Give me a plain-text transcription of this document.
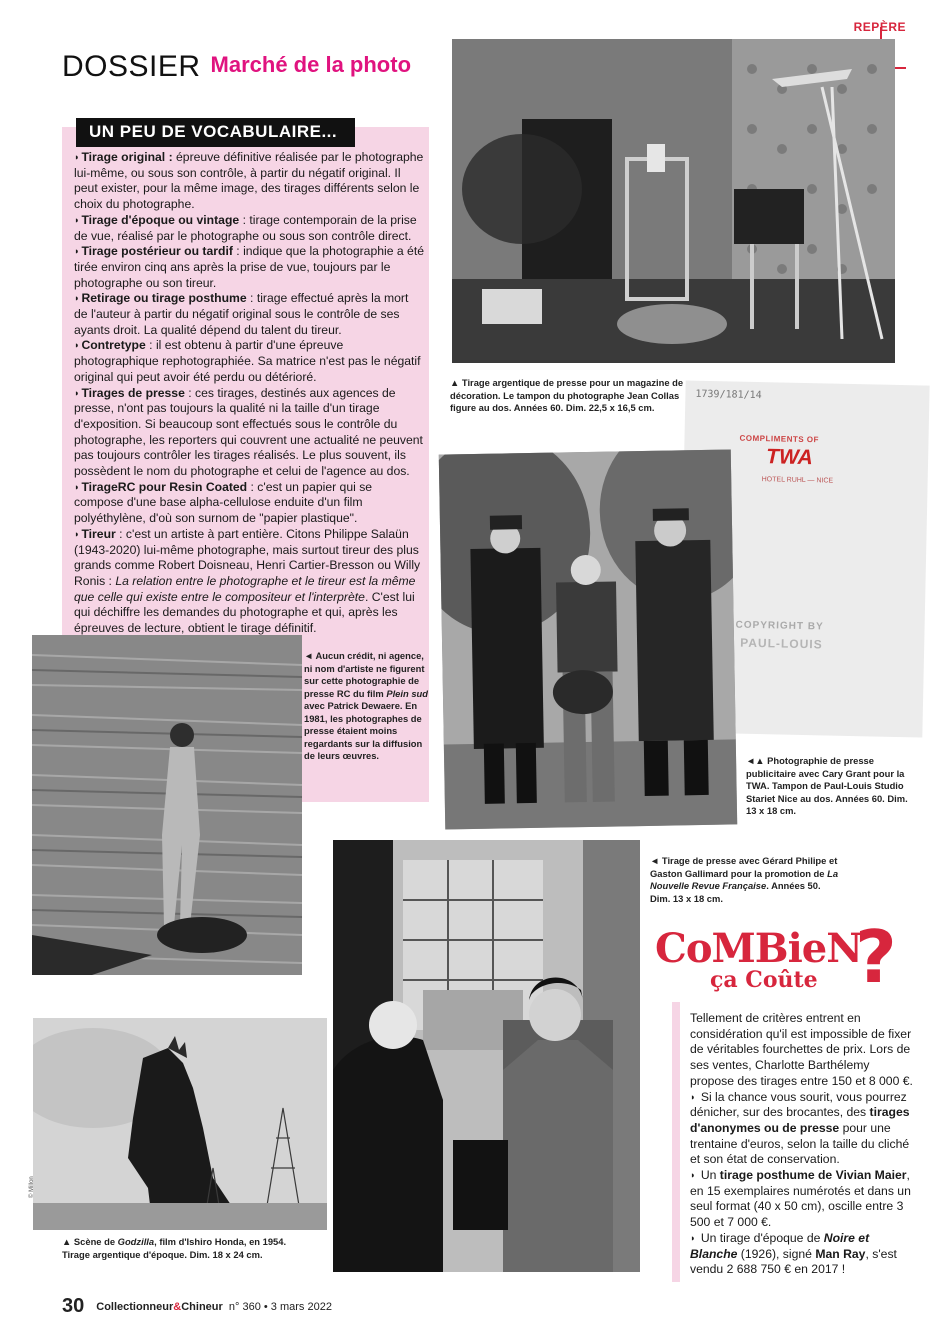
REPÈRE
DOSSIER Marché de la photo
UN PEU DE VOCABULAIRE...

◗ Tirage original : épreuve définitive réalisée par le photographe lui-même, ou sous son contrôle, à partir du négatif original. Il peut exister, pour la même image, des tirages différents selon le choix du photographe.

◗ Tirage d'époque ou vintage : tirage contemporain de la prise de vue, réalisé par le photographe ou sous son contrôle direct.

◗ Tirage postérieur ou tardif : indique que la photographie a été tirée environ cinq ans après la prise de vue, toujours par le photographe ou son tireur.

◗ Retirage ou tirage posthume : tirage effectué après la mort de l'auteur à partir du négatif original sous le contrôle de ses ayants droit. La qualité dépend du talent du tireur.

◗ Contretype : il est obtenu à partir d'une épreuve photographique rephotographiée. Sa matrice n'est pas le négatif original qui peut avoir été perdu ou détérioré.

◗ Tirages de presse : ces tirages, destinés aux agences de presse, n'ont pas toujours la qualité ni la taille d'un tirage d'exposition. Si beaucoup sont effectués sous le contrôle du photographe, les reporters qui couvrent une actualité ne peuvent pas toujours contrôler les tirages réalisés. Le plus souvent, ils possèdent le nom du photographe et celui de l'agence au dos.

◗ TirageRC pour Resin Coated : c'est un papier qui se compose d'une base alpha-cellulose enduite d'un film polyéthylène, d'où son surnom de "papier plastique".

◗ Tireur : c'est un artiste à part entière. Citons Philippe Salaün (1943-2020) lui-même photographe, mais surtout tireur des plus grands comme Robert Doisneau, Henri Cartier-Bresson ou Willy Ronis : La relation entre le photographe et le tireur est la même que celle qui existe entre le compositeur et l'interprète. C'est lui qui déchiffre les demandes du photographe et qui, après les épreuves de lecture, obtient le tirage définitif.

▲ Tirage argentique de presse pour un magazine de décoration. Le tampon du photographe Jean Collas figure au dos. Années 60. Dim. 22,5 x 16,5 cm.
1739/181/14
COMPLIMENTS OF
TWA
HOTEL RUHL — NICE
COPYRIGHT BY
PAUL-LOUIS
◄▲ Photographie de presse publicitaire avec Cary Grant pour la TWA. Tampon de Paul-Louis Studio Stariet Nice au dos. Années 60. Dim. 13 x 18 cm.
◄ Aucun crédit, ni agence, ni nom d'artiste ne figurent sur cette photographie de presse RC du film Plein sud avec Patrick Dewaere. En 1981, les photographes de presse étaient moins regardants sur la diffusion de leurs œuvres.
◄ Tirage de presse avec Gérard Philipe et Gaston Gallimard pour la promotion de La Nouvelle Revue Française. Années 50. Dim. 13 x 18 cm.
© Millon
▲ Scène de Godzilla, film d'Ishiro Honda, en 1954. Tirage argentique d'époque. Dim. 18 x 24 cm.
CoMBieN
ça Coûte ?

Tellement de critères entrent en considération qu'il est impossible de fixer de véritables fourchettes de prix. Lors de ses ventes, Charlotte Barthélemy propose des tirages entre 150 et 8 000 €.

◗ Si la chance vous sourit, vous pourrez dénicher, sur des brocantes, des tirages d'anonymes ou de presse pour une trentaine d'euros, selon la taille du cliché et son état de conservation.

◗ Un tirage posthume de Vivian Maier, en 15 exemplaires numérotés et dans un seul format (40 x 50 cm), oscille entre 3 500 et 7 000 €.

◗ Un tirage d'époque de Noire et Blanche (1926), signé Man Ray, s'est vendu 2 688 750 € en 2017 !

30 Collectionneur&Chineur n° 360 • 3 mars 2022
